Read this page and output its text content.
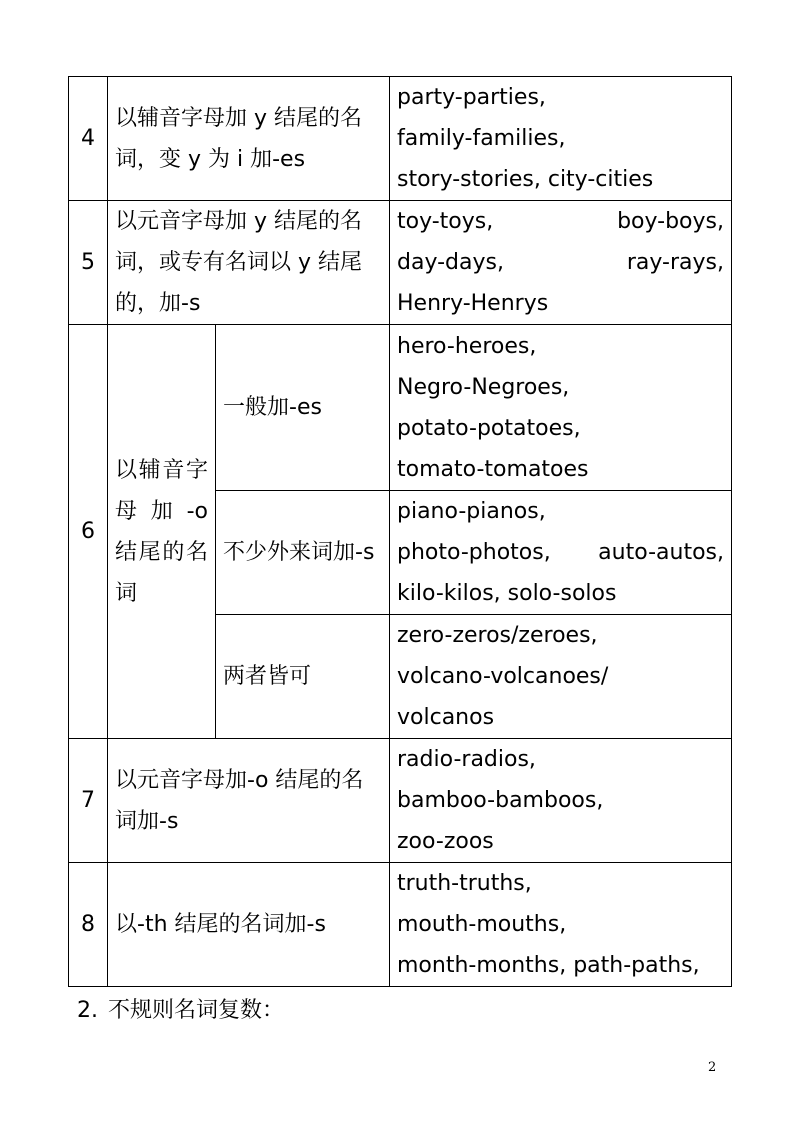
4	以辅音字母加 y 结尾的名词，变 y 为 i 加-es		party-parties,
family-families,
story-stories, city-cities

5	以元音字母加 y 结尾的名词，或专有名词以 y 结尾的，加-s		toy-toys, boy-boys,
day-days, ray-rays,
Henry-Henrys

6	以辅音字母加-o 结尾的名词	一般加-es	hero-heroes,
Negro-Negroes,
potato-potatoes,
tomato-tomatoes

		不少外来词加-s	piano-pianos,
photo-photos, auto-autos,
kilo-kilos, solo-solos

		两者皆可	zero-zeros/zeroes,
volcano-volcanoes/
volcanos

7	以元音字母加-o 结尾的名词加-s		radio-radios,
bamboo-bamboos,
zoo-zoos

8	以-th 结尾的名词加-s		truth-truths,
mouth-mouths,
month-months, path-paths,
2. 不规则名词复数：
2
